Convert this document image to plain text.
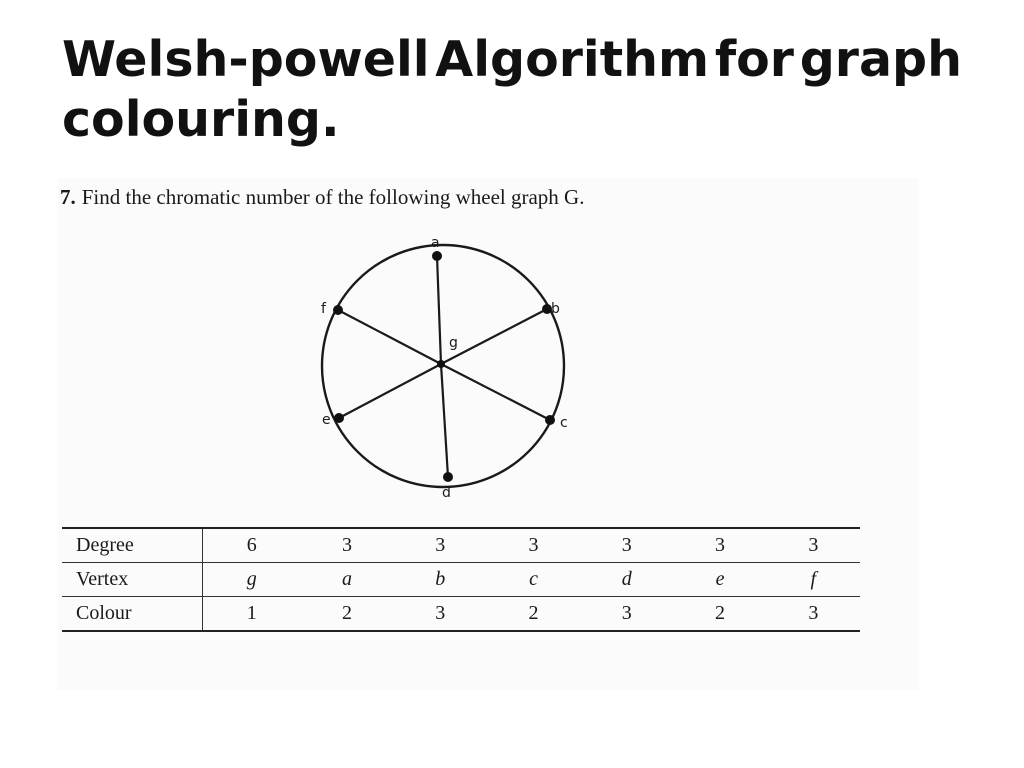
Welsh-powell Algorithm for graph
colouring.
7. Find the chromatic number of the following wheel graph G.
g
a
b
c
d
e
f
Degree	6	3	3	3	3	3	3
Vertex	g	a	b	c	d	e	f
Colour	1	2	3	2	3	2	3
